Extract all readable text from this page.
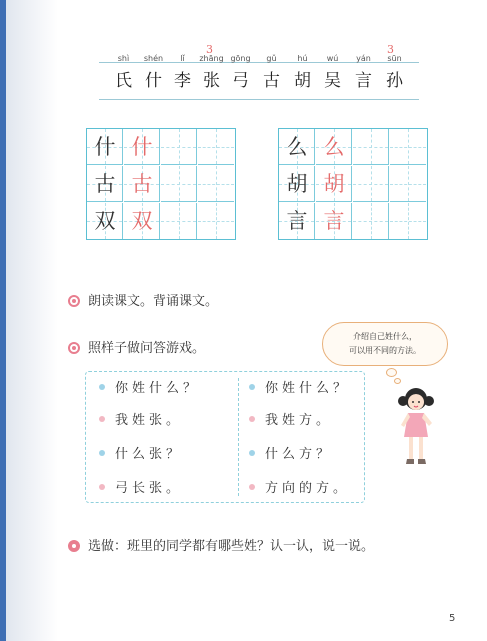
3	3
shì
氏
shén
什
lǐ
李
zhāng
张
gōng
弓
gǔ
古
hú
胡
wú
吴
yán
言
sūn
孙
什 什
古 古
双 双
么 么
胡 胡
言 言
朗读课文。背诵课文。
照样子做问答游戏。
介绍自己姓什么，
可以用不同的方法。
你姓什么？
我姓张。
什么张？
弓长张。
你姓什么？
我姓方。
什么方？
方向的方。
选做：班里的同学都有哪些姓？认一认，说一说。
5
